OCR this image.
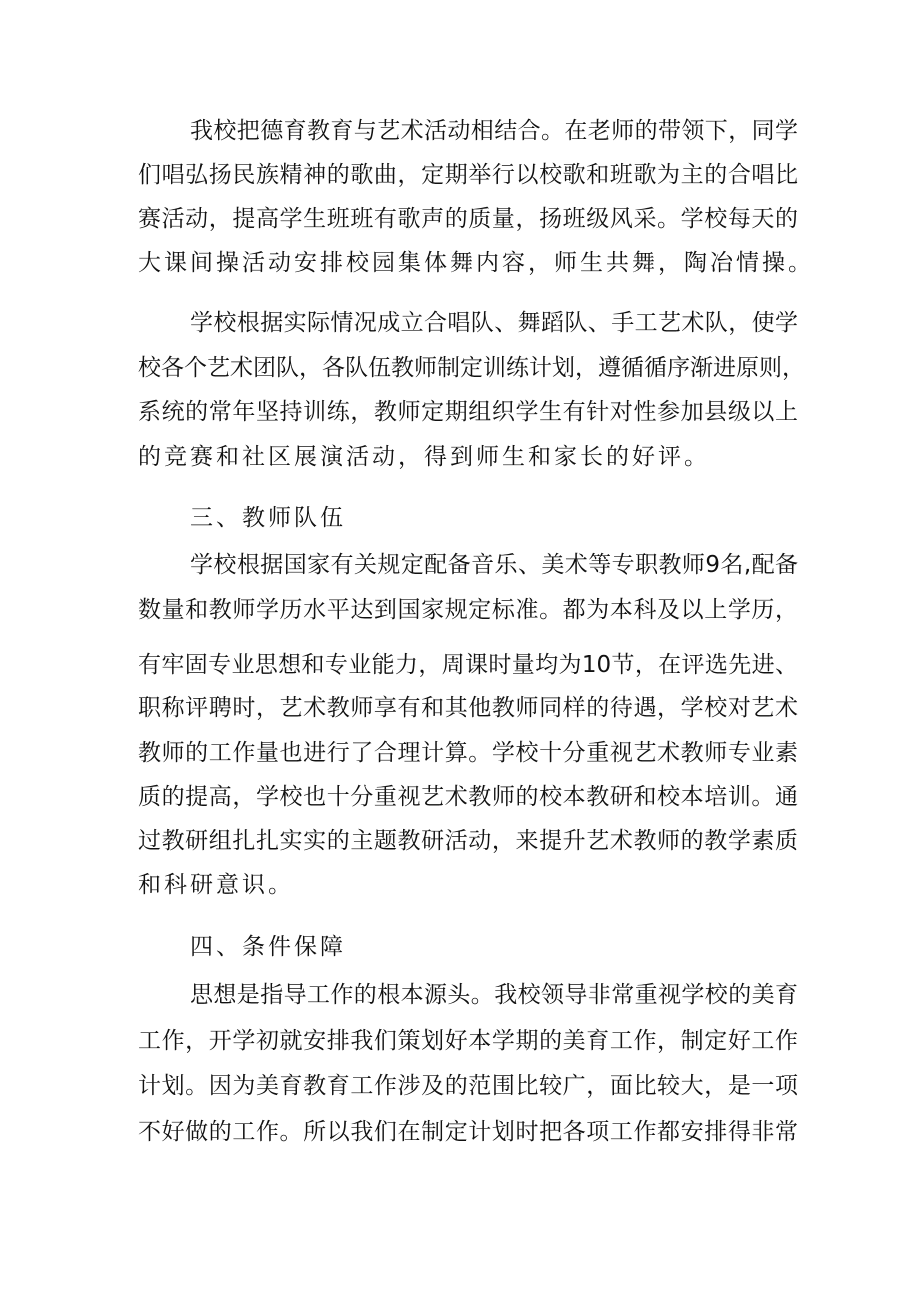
我校把德育教育与艺术活动相结合。在老师的带领下，同学
们唱弘扬民族精神的歌曲，定期举行以校歌和班歌为主的合唱比
赛活动，提高学生班班有歌声的质量，扬班级风采。学校每天的
大课间操活动安排校园集体舞内容，师生共舞，陶冶情操。
学校根据实际情况成立合唱队、舞蹈队、手工艺术队，使学
校各个艺术团队，各队伍教师制定训练计划，遵循循序渐进原则，
系统的常年坚持训练，教师定期组织学生有针对性参加县级以上
的竞赛和社区展演活动，得到师生和家长的好评。
三、教师队伍
学校根据国家有关规定配备音乐、美术等专职教师9名,配备
数量和教师学历水平达到国家规定标准。都为本科及以上学历，
有牢固专业思想和专业能力，周课时量均为10节，在评选先进、
职称评聘时，艺术教师享有和其他教师同样的待遇，学校对艺术
教师的工作量也进行了合理计算。学校十分重视艺术教师专业素
质的提高，学校也十分重视艺术教师的校本教研和校本培训。通
过教研组扎扎实实的主题教研活动，来提升艺术教师的教学素质
和科研意识。
四、条件保障
思想是指导工作的根本源头。我校领导非常重视学校的美育
工作，开学初就安排我们策划好本学期的美育工作，制定好工作
计划。因为美育教育工作涉及的范围比较广，面比较大，是一项
不好做的工作。所以我们在制定计划时把各项工作都安排得非常
